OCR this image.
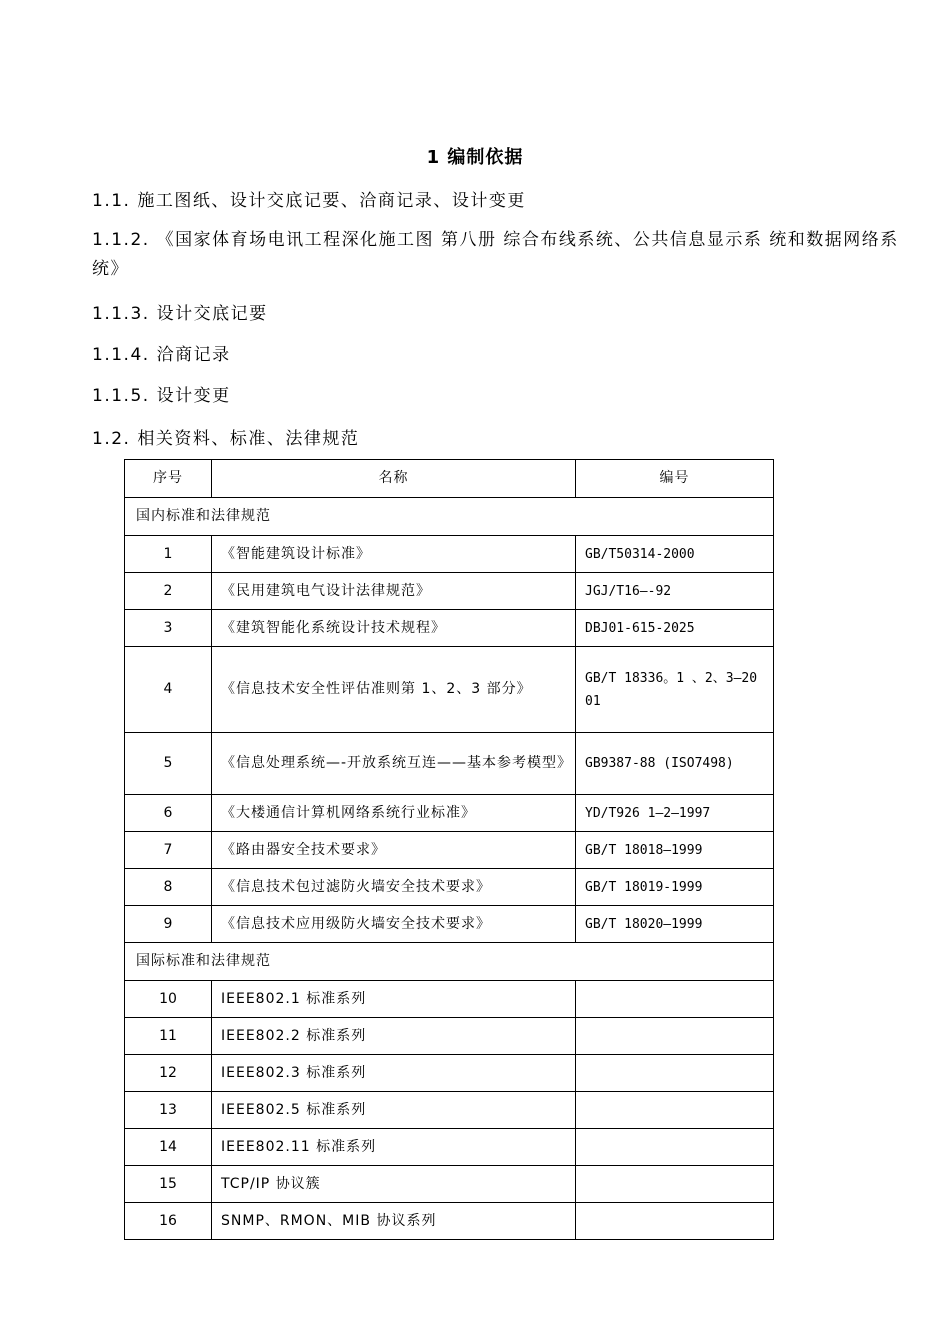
1 编制依据
1.1. 施工图纸、设计交底记要、洽商记录、设计变更
1.1.2. 《国家体育场电讯工程深化施工图 第八册 综合布线系统、公共信息显示系 统和数据网络系统》
1.1.3. 设计交底记要
1.1.4. 洽商记录
1.1.5. 设计变更
1.2. 相关资料、标准、法律规范
序号	名称	编号
国内标准和法律规范		
1	《智能建筑设计标准》	GB/T50314-2000
2	《民用建筑电气设计法律规范》	JGJ/T16—-92
3	《建筑智能化系统设计技术规程》	DBJ01-615-2025
4	《信息技术安全性评估准则第 1、2、3 部分》	GB/T 18336。1 、2、3—2001
5	《信息处理系统—-开放系统互连——基本参考模型》	GB9387-88 (ISO7498)
6	《大楼通信计算机网络系统行业标准》	YD/T926 1—2—1997
7	《路由器安全技术要求》	GB/T 18018—1999
8	《信息技术包过滤防火墙安全技术要求》	GB/T 18019-1999
9	《信息技术应用级防火墙安全技术要求》	GB/T 18020—1999
国际标准和法律规范		
10	IEEE802.1 标准系列	
11	IEEE802.2 标准系列	
12	IEEE802.3 标准系列	
13	IEEE802.5 标准系列	
14	IEEE802.11 标准系列	
15	TCP/IP 协议簇	
16	SNMP、RMON、MIB 协议系列	
